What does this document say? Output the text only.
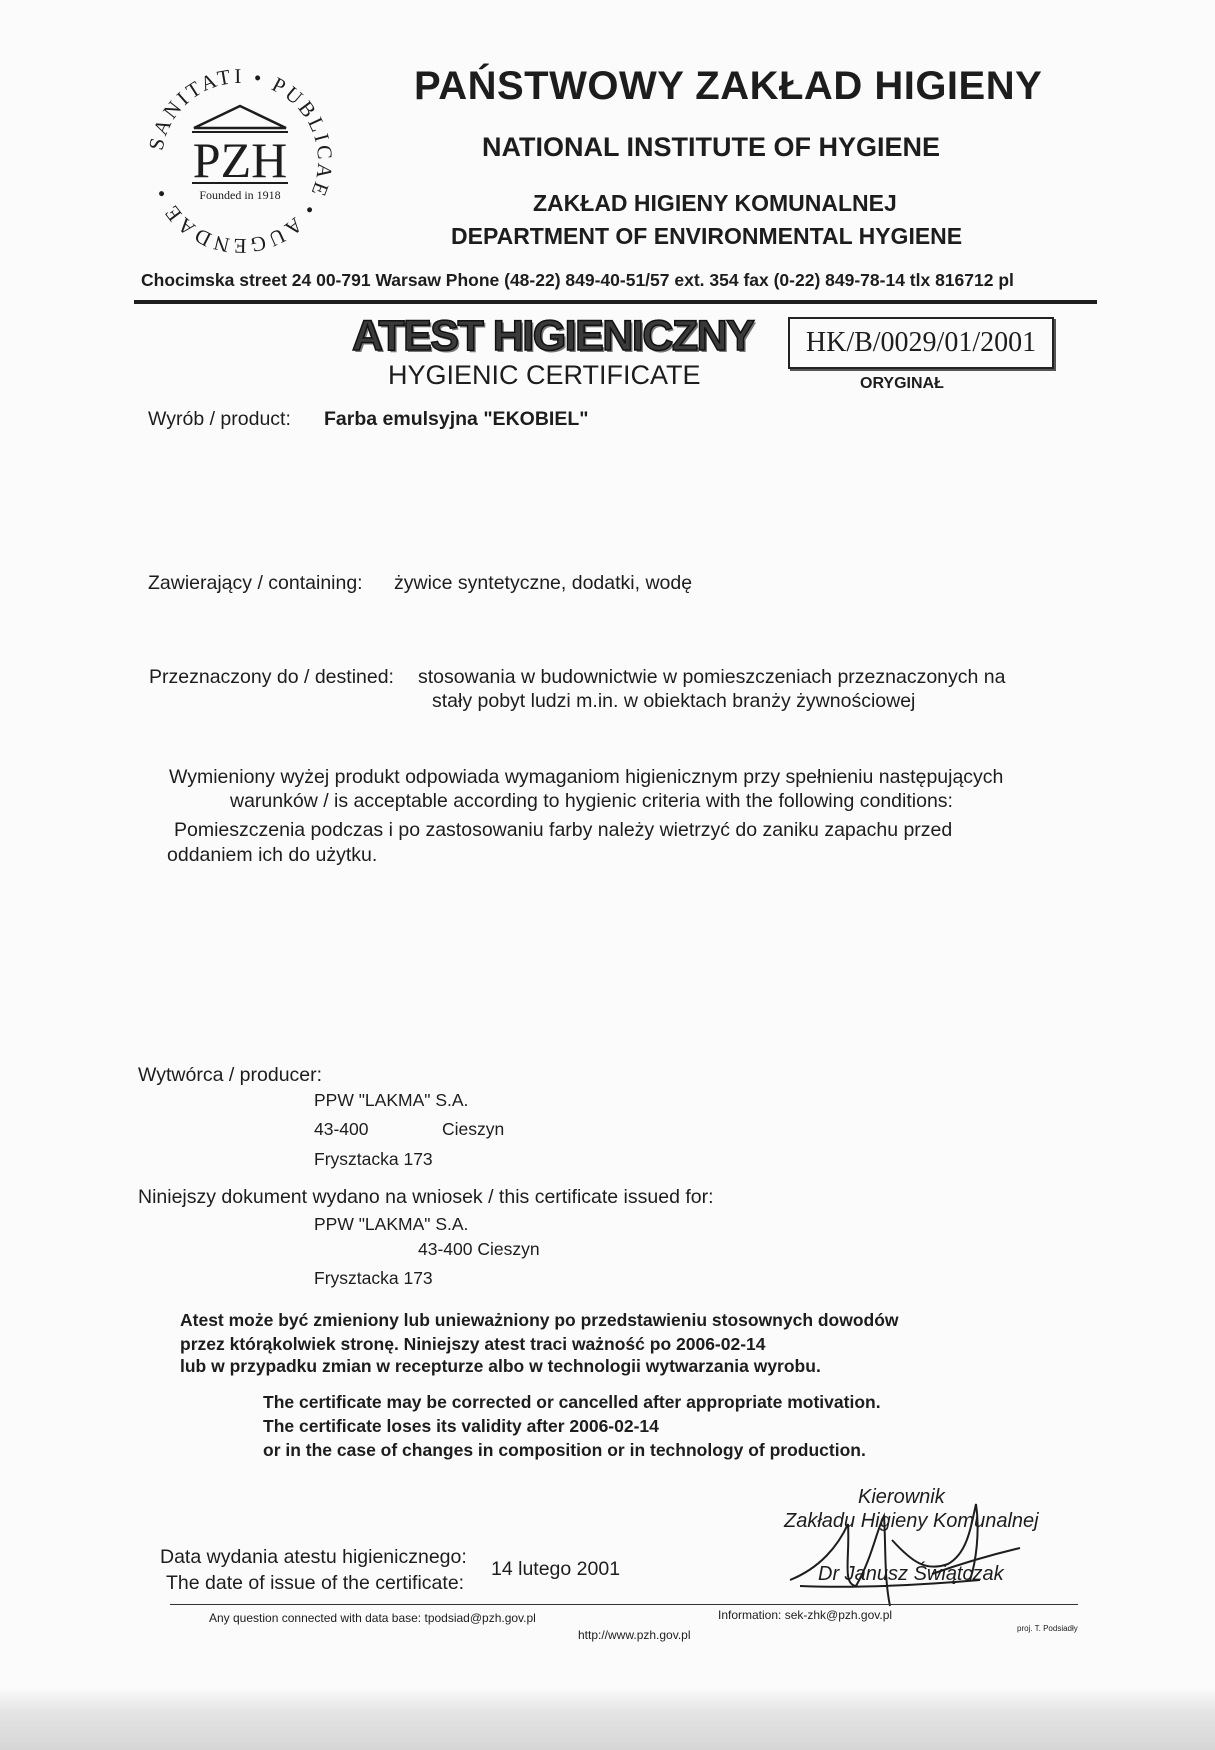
SANITATI • PUBLICAE • AUGENDAE •
PZH
Founded in 1918
PAŃSTWOWY ZAKŁAD HIGIENY
NATIONAL INSTITUTE OF HYGIENE
ZAKŁAD HIGIENY KOMUNALNEJ
DEPARTMENT OF ENVIRONMENTAL HYGIENE
Chocimska street 24 00-791 Warsaw Phone (48-22) 849-40-51/57 ext. 354 fax (0-22) 849-78-14 tlx 816712 pl
ATEST HIGIENICZNY	HK/B/0029/01/2001
HYGIENIC CERTIFICATE	ORYGINAŁ
Wyrób / product: Farba emulsyjna "EKOBIEL"
Zawierający / containing: żywice syntetyczne, dodatki, wodę
Przeznaczony do / destined: stosowania w budownictwie w pomieszczeniach przeznaczonych na
stały pobyt ludzi m.in. w obiektach branży żywnościowej
Wymieniony wyżej produkt odpowiada wymaganiom higienicznym przy spełnieniu następujących
warunków / is acceptable according to hygienic criteria with the following conditions:
Pomieszczenia podczas i po zastosowaniu farby należy wietrzyć do zaniku zapachu przed
oddaniem ich do użytku.
Wytwórca / producer:
PPW "LAKMA" S.A.
43-400	Cieszyn
Frysztacka 173
Niniejszy dokument wydano na wniosek / this certificate issued for:
PPW "LAKMA" S.A.
43-400 Cieszyn
Frysztacka 173
Atest może być zmieniony lub unieważniony po przedstawieniu stosownych dowodów
przez którąkolwiek stronę. Niniejszy atest traci ważność po 2006-02-14
lub w przypadku zmian w recepturze albo w technologii wytwarzania wyrobu.
The certificate may be corrected or cancelled after appropriate motivation.
The certificate loses its validity after 2006-02-14
or in the case of changes in composition or in technology of production.
Kierownik
Zakładu Higieny Komunalnej
Dr Janusz Świątczak
Data wydania atestu higienicznego:
The date of issue of the certificate:
14 lutego 2001
Any question connected with data base: tpodsiad@pzh.gov.pl	Information: sek-zhk@pzh.gov.pl
http://www.pzh.gov.pl	proj. T. Podsiadły
